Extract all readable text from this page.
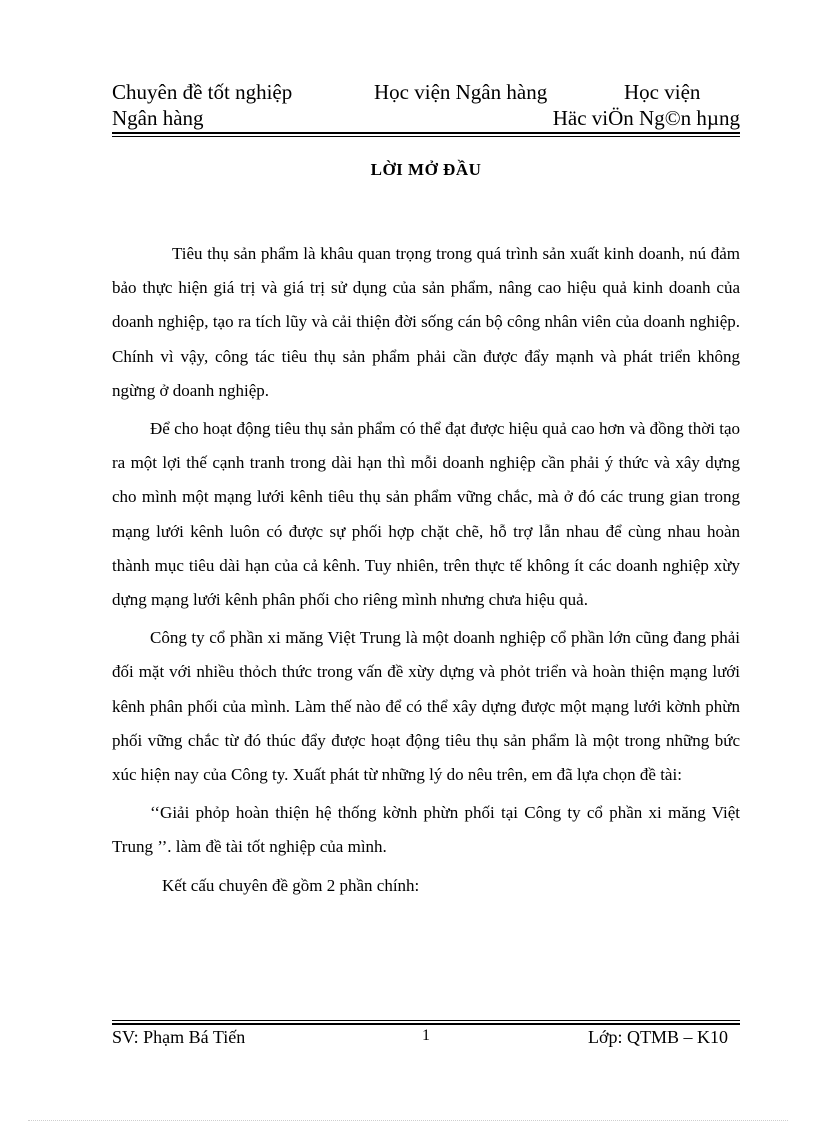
Chuyên đề tốt nghiệp	Học viện Ngân hàng	Học viện
Ngân hàng	Häc viÖn Ng©n hµng
LỜI MỞ ĐẦU

Tiêu thụ sản phẩm là khâu quan trọng trong quá trình sản xuất kinh doanh, nú đảm bảo thực hiện giá trị và giá trị sử dụng của sản phẩm, nâng cao hiệu quả kinh doanh của doanh nghiệp, tạo ra tích lũy và cải thiện đời sống cán bộ công nhân viên của doanh nghiệp. Chính vì vậy, công tác tiêu thụ sản phẩm phải cần được đẩy mạnh và phát triển không ngừng ở doanh nghiệp.

Để cho hoạt động tiêu thụ sản phẩm có thể đạt được hiệu quả cao hơn và đồng thời tạo ra một lợi thế cạnh tranh trong dài hạn thì mỗi doanh nghiệp cần phải ý thức và xây dựng cho mình một mạng lưới kênh tiêu thụ sản phẩm vững chắc, mà ở đó các trung gian trong mạng lưới kênh luôn có được sự phối hợp chặt chẽ, hỗ trợ lẫn nhau để cùng nhau hoàn thành mục tiêu dài hạn của cả kênh. Tuy nhiên, trên thực tế không ít các doanh nghiệp xừy dựng mạng lưới kênh phân phối cho riêng mình nhưng chưa hiệu quả.

Công ty cổ phần xi măng Việt Trung là một doanh nghiệp cổ phần lớn cũng đang phải đối mặt với nhiều thỏch thức trong vấn đề xừy dựng và phỏt triển và hoàn thiện mạng lưới kênh phân phối của mình. Làm thế nào để có thể xây dựng được một mạng lưới kờnh phừn phối vững chắc từ đó thúc đẩy được hoạt động tiêu thụ sản phẩm là một trong những bức xúc hiện nay của Công ty. Xuất phát từ những lý do nêu trên, em đã lựa chọn đề tài:

‘‘Giải phỏp hoàn thiện hệ thống kờnh phừn phối tại Công ty cổ phần xi măng Việt Trung ’’. làm đề tài tốt nghiệp của mình.

Kết cấu chuyên đề gồm 2 phần chính:

SV: Phạm Bá Tiến	1	Lớp: QTMB – K10
